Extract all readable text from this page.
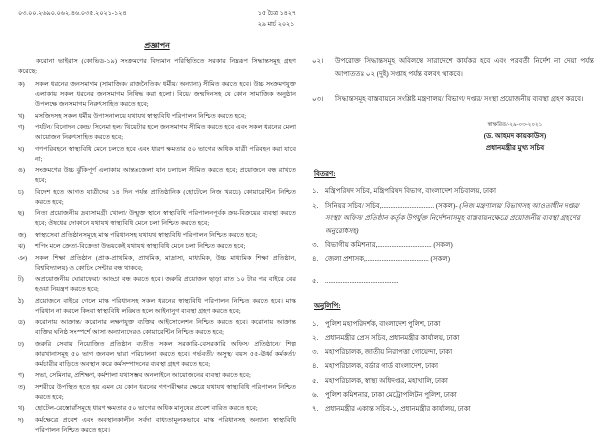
০৩.০০.২৬৯০.০৬২.৪৬.০৩৫.২০২১-১২৪	১৫ চৈত্র ১৪২৭
২৯ মার্চ ২০২১
প্রজ্ঞাপন

করোনা ভাইরাস (কোভিড-১৯) সংক্রমণের বিদ্যমান পরিস্থিতিতে সরকার নিম্নরূপ সিদ্ধান্তসমূহ গ্রহণ করেছে:

ক)	সকল ধরনের জনসমাগম (সামাজিক/ রাজনৈতিক/ ধর্মীয়/ অন্যান্য) সীমিত করতে হবে। উচ্চ সংক্রমণযুক্ত এলাকায় সকল ধরনের জনসমাগম নিষিদ্ধ করা হলো। বিয়ে/ জন্মদিনসহ যে কোন সামাজিক অনুষ্ঠান উপলক্ষে জনসমাগম নিরুৎসাহিত করতে হবে;
খ)	মসজিদসহ সকল ধর্মীয় উপাসনালয়ে যথাযথ স্বাস্থ্যবিধি পরিপালন নিশ্চিত করতে হবে;
গ)	পর্যটন/ বিনোদন কেন্দ্র/ সিনেমা হল/ থিয়েটার হলে জনসমাগম সীমিত করতে হবে এবং সকল ধরনের মেলা আয়োজন নিরুৎসাহিত করতে হবে;
ঘ)	গণপরিবহনে স্বাস্থ্যবিধি মেনে চলতে হবে এবং ধারণ ক্ষমতার ৫০ ভাগের অধিক যাত্রী পরিবহন করা যাবে না;
ঙ)	সংক্রমণের উচ্চ ঝুঁকিপূর্ণ এলাকায় আন্তঃজেলা যান চলাচল সীমিত করতে হবে; প্রয়োজনে বন্ধ রাখতে হবে;
চ)	বিদেশ হতে আগত যাত্রীদের ১৪ দিন পর্যন্ত প্রাতিষ্ঠানিক (হোটেলে নিজ খরচে) কোয়ারেন্টিন নিশ্চিত করতে হবে;
ছ)	নিত্য প্রয়োজনীয় দ্রব্যসামগ্রী খোলা/ উন্মুক্ত স্থানে স্বাস্থ্যবিধি পরিপালনপূর্বক ক্রয়-বিক্রয়ের ব্যবস্থা করতে হবে; ঔষধের দোকানে যথাযথ স্বাস্থ্যবিধি মেনে চলা নিশ্চিত করতে হবে;
জ)	স্বাস্থ্যসেবা প্রতিষ্ঠানসমূহে মাস্ক পরিধানসহ যথাযথ স্বাস্থ্যবিধি পরিপালন নিশ্চিত করতে হবে;
ঝ)	শপিং মলে ক্রেতা-বিক্রেতা উভয়কেই যথাযথ স্বাস্থ্যবিধি মেনে চলা নিশ্চিত করতে হবে;
ঞ)	সকল শিক্ষা প্রতিষ্ঠান (প্রাক-প্রাথমিক, প্রাথমিক, মাদ্রাসা, মাধ্যমিক, উচ্চ মাধ্যমিক শিক্ষা প্রতিষ্ঠান, বিশ্ববিদ্যালয়) ও কোচিং সেন্টার বন্ধ থাকবে;
ট)	অপ্রয়োজনীয় ঘোরাফেরা/ আড্ডা বন্ধ করতে হবে। জরুরি প্রয়োজন ছাড়া রাত ১০ টার পর বাইরে বের হওয়া নিয়ন্ত্রণ করতে হবে;
ঠ)	প্রয়োজনে বাইরে গেলে মাস্ক পরিধানসহ সকল ধরনের স্বাস্থ্যবিধি পরিপালন নিশ্চিত করতে হবে। মাস্ক পরিধান না করলে কিংবা স্বাস্থ্যবিধি লঙ্ঘিত হলে আইনানুগ ব্যবস্থা গ্রহণ করতে হবে;
ড)	করোনায় আক্রান্ত/ করোনার লক্ষণযুক্ত ব্যক্তির আইসোলেশন নিশ্চিত করতে হবে। করোনায় আক্রান্ত ব্যক্তির ঘনিষ্ঠ সংস্পর্শে আসা অন্যান্যদেরও কোয়ারেন্টিন নিশ্চিত করতে হবে;
ঢ)	জরুরি সেবায় নিয়োজিত প্রতিষ্ঠান ব্যতীত সকল সরকারি-বেসরকারি অফিস/ প্রতিষ্ঠানে/ শিল্প কারখানাসমূহ ৫০ ভাগ জনবল দ্বারা পরিচালনা করতে হবে। গর্ভবতী/ অসুস্থ/ বয়স ৫৫-ঊর্ধ্ব কর্মকর্তা/ কর্মচারীর বাড়িতে অবস্থান করে কর্মসম্পাদনের ব্যবস্থা গ্রহণ করতে হবে;
ণ)	সভা, সেমিনার, প্রশিক্ষণ, কর্মশালা যথাসম্ভব অনলাইনে আয়োজনের ব্যবস্থা করতে হবে;
ত)	সশরীরে উপস্থিত হতে হয় এমন যে কোন ধরনের গণপরীক্ষার ক্ষেত্রে যথাযথ স্বাস্থ্যবিধি পরিপালন নিশ্চিত করতে হবে;
থ)	হোটেল-রেস্তোরাঁসমূহে ধারণ ক্ষমতার ৫০ ভাগের অধিক মানুষের প্রবেশ বারিত করতে হবে;
দ)	কর্মক্ষেত্রে প্রবেশ এবং অবস্থানকালীন সর্বদা বাধ্যতামূলকভাবে মাস্ক পরিধানসহ অন্যান্য স্বাস্থ্যবিধি পরিপালন নিশ্চিত করতে হবে।
০২।	উপরোক্ত সিদ্ধান্তসমূহ অবিলম্বে সারাদেশে কার্যকর হবে এবং পরবর্তী নির্দেশ না দেয়া পর্যন্ত আপাততঃ ০২ (দুই) সপ্তাহ পর্যন্ত বলবৎ থাকবে।
০৩।	সিদ্ধান্তসমূহ বাস্তবায়নে সংশ্লিষ্ট মন্ত্রণালয়/ বিভাগ/ দপ্তর/ সংস্থা প্রয়োজনীয় ব্যবস্থা গ্রহণ করবে।
স্বাক্ষরিত/-২৯-০৩-২০২১
(ড. আহমদ কায়কাউস)
প্রধানমন্ত্রীর মুখ্য সচিব
বিতরণ:
১. মন্ত্রিপরিষদ সচিব, মন্ত্রিপরিষদ বিভাগ, বাংলাদেশ সচিবালয়, ঢাকা
২. সিনিয়র সচিব/ সচিব,.............................. (সকল)- (নিজ মন্ত্রণালয়/ বিভাগসহ আওতাধীন দপ্তর/ সংস্থা/ অফিস/ প্রতিষ্ঠান কর্তৃক উপর্যুক্ত নির্দেশনাসমূহ বাস্তবায়নক্ষেত্রে প্রয়োজনীয় ব্যবস্থা গ্রহণের অনুরোধসহ)
৩. বিভাগীয় কমিশনার,............................... (সকল)
৪. জেলা প্রশাসক,.................................... (সকল)
৫. ..........................................
অনুলিপি:
১. পুলিশ মহাপরিদর্শক, বাংলাদেশ পুলিশ, ঢাকা
২. প্রধানমন্ত্রীর প্রেস সচিব, প্রধানমন্ত্রীর কার্যালয়, ঢাকা
৩. মহাপরিচালক, জাতীয় নিরাপত্তা গোয়েন্দা, ঢাকা
৪. মহাপরিচালক, বর্ডার গার্ড বাংলাদেশ, ঢাকা
৫. মহাপরিচালক, স্বাস্থ্য অধিদপ্তর, মহাখালি, ঢাকা
৬. পুলিশ কমিশনার, ঢাকা মেট্রোপলিটন পুলিশ, ঢাকা
৭. প্রধানমন্ত্রীর একান্ত সচিব-১, প্রধানমন্ত্রীর কার্যালয়, ঢাকা
